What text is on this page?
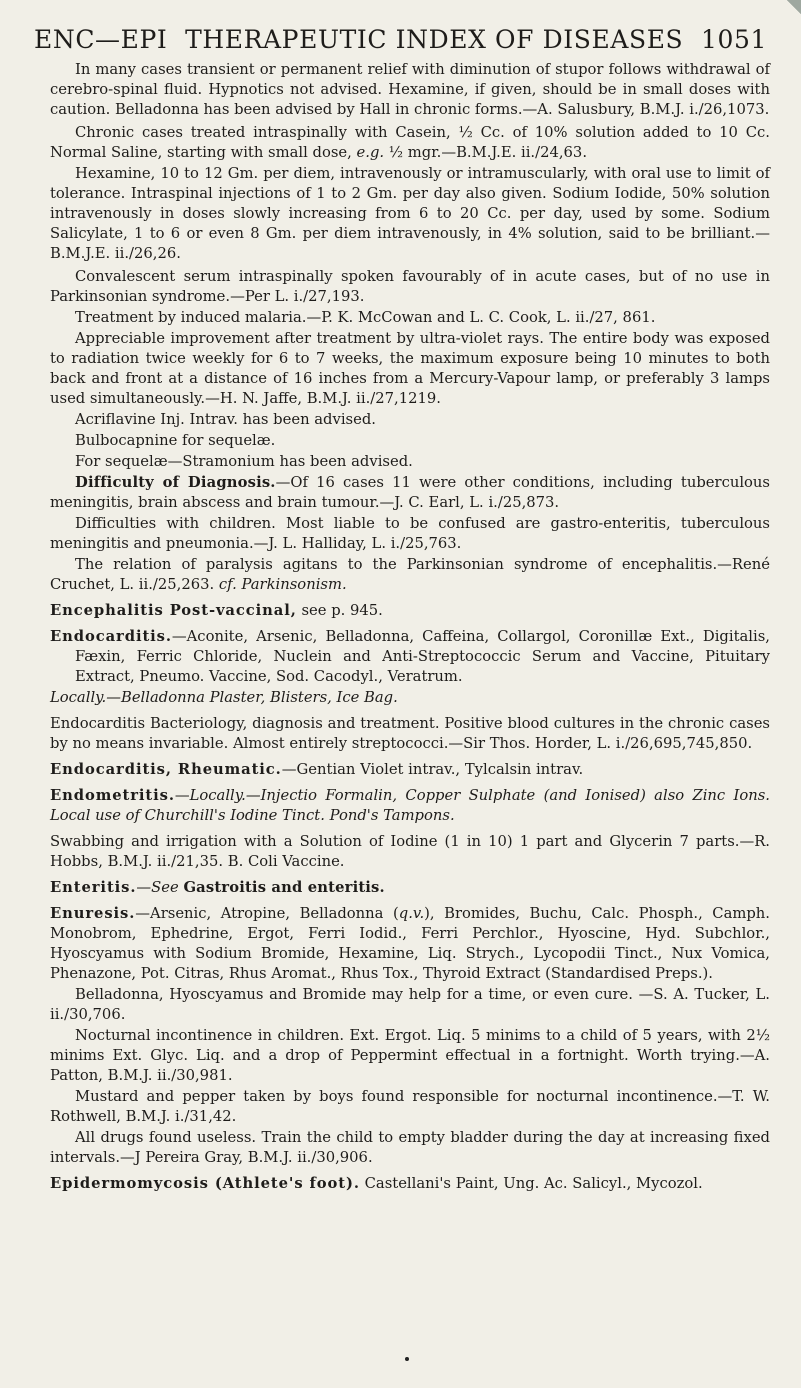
ENC—EPI THERAPEUTIC INDEX OF DISEASES 1051

In many cases transient or permanent relief with diminution of stupor follows withdrawal of cerebro-spinal fluid. Hypnotics not advised. Hexamine, if given, should be in small doses with caution. Belladonna has been advised by Hall in chronic forms.—A. Salusbury, B.M.J. i./26,1073.

Chronic cases treated intraspinally with Casein, ½ Cc. of 10% solution added to 10 Cc. Normal Saline, starting with small dose, e.g. ½ mgr.—B.M.J.E. ii./24,63.

Hexamine, 10 to 12 Gm. per diem, intravenously or intramuscularly, with oral use to limit of tolerance. Intraspinal injections of 1 to 2 Gm. per day also given. Sodium Iodide, 50% solution intravenously in doses slowly increasing from 6 to 20 Cc. per day, used by some. Sodium Salicylate, 1 to 6 or even 8 Gm. per diem intravenously, in 4% solution, said to be brilliant.—B.M.J.E. ii./26,26.

Convalescent serum intraspinally spoken favourably of in acute cases, but of no use in Parkinsonian syndrome.—Per L. i./27,193.

Treatment by induced malaria.—P. K. McCowan and L. C. Cook, L. ii./27, 861.

Appreciable improvement after treatment by ultra-violet rays. The entire body was exposed to radiation twice weekly for 6 to 7 weeks, the maximum exposure being 10 minutes to both back and front at a distance of 16 inches from a Mercury-Vapour lamp, or preferably 3 lamps used simultaneously.—H. N. Jaffe, B.M.J. ii./27,1219.

Acriflavine Inj. Intrav. has been advised.

Bulbocapnine for sequelæ.

For sequelæ—Stramonium has been advised.

Difficulty of Diagnosis.—Of 16 cases 11 were other conditions, including tuberculous meningitis, brain abscess and brain tumour.—J. C. Earl, L. i./25,873.

Difficulties with children. Most liable to be confused are gastro-enteritis, tuberculous meningitis and pneumonia.—J. L. Halliday, L. i./25,763.

The relation of paralysis agitans to the Parkinsonian syndrome of encephalitis.—René Cruchet, L. ii./25,263. cf. Parkinsonism.

Encephalitis Post-vaccinal, see p. 945.

Endocarditis.—Aconite, Arsenic, Belladonna, Caffeina, Collargol, Coronillæ Ext., Digitalis, Fæxin, Ferric Chloride, Nuclein and Anti-Streptococcic Serum and Vaccine, Pituitary Extract, Pneumo. Vaccine, Sod. Cacodyl., Veratrum.

Locally.—Belladonna Plaster, Blisters, Ice Bag.

Endocarditis Bacteriology, diagnosis and treatment. Positive blood cultures in the chronic cases by no means invariable. Almost entirely streptococci.—Sir Thos. Horder, L. i./26,695,745,850.

Endocarditis, Rheumatic.—Gentian Violet intrav., Tylcalsin intrav.

Endometritis.—Locally.—Injectio Formalin, Copper Sulphate (and Ionised) also Zinc Ions. Local use of Churchill's Iodine Tinct. Pond's Tampons.

Swabbing and irrigation with a Solution of Iodine (1 in 10) 1 part and Glycerin 7 parts.—R. Hobbs, B.M.J. ii./21,35. B. Coli Vaccine.

Enteritis.—See Gastroitis and enteritis.

Enuresis.—Arsenic, Atropine, Belladonna (q.v.), Bromides, Buchu, Calc. Phosph., Camph. Monobrom, Ephedrine, Ergot, Ferri Iodid., Ferri Perchlor., Hyoscine, Hyd. Subchlor., Hyoscyamus with Sodium Bromide, Hexamine, Liq. Strych., Lycopodii Tinct., Nux Vomica, Phenazone, Pot. Citras, Rhus Aromat., Rhus Tox., Thyroid Extract (Standardised Preps.).

Belladonna, Hyoscyamus and Bromide may help for a time, or even cure. —S. A. Tucker, L. ii./30,706.

Nocturnal incontinence in children. Ext. Ergot. Liq. 5 minims to a child of 5 years, with 2½ minims Ext. Glyc. Liq. and a drop of Peppermint effectual in a fortnight. Worth trying.—A. Patton, B.M.J. ii./30,981.

Mustard and pepper taken by boys found responsible for nocturnal incontinence.—T. W. Rothwell, B.M.J. i./31,42.

All drugs found useless. Train the child to empty bladder during the day at increasing fixed intervals.—J Pereira Gray, B.M.J. ii./30,906.

Epidermomycosis (Athlete's foot). Castellani's Paint, Ung. Ac. Salicyl., Mycozol.
